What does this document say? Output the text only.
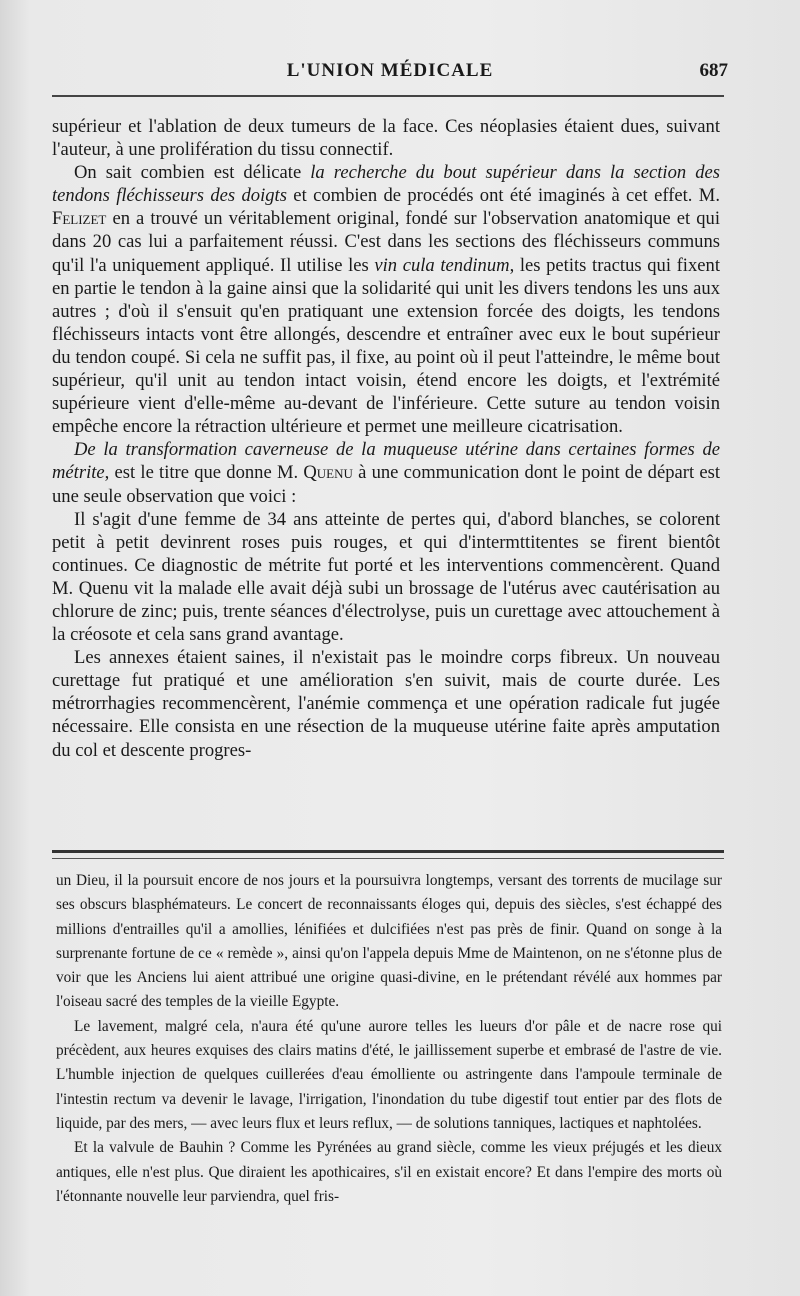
L'UNION MÉDICALE	687

supérieur et l'ablation de deux tumeurs de la face. Ces néoplasies étaient dues, suivant l'auteur, à une prolifération du tissu connectif.

On sait combien est délicate la recherche du bout supérieur dans la section des tendons fléchisseurs des doigts et combien de procédés ont été imaginés à cet effet. M. Felizet en a trouvé un véritablement original, fondé sur l'observation anatomique et qui dans 20 cas lui a parfaitement réussi. C'est dans les sections des fléchisseurs communs qu'il l'a uniquement appliqué. Il utilise les vin cula tendinum, les petits tractus qui fixent en partie le tendon à la gaine ainsi que la solidarité qui unit les divers tendons les uns aux autres ; d'où il s'ensuit qu'en pratiquant une extension forcée des doigts, les tendons fléchisseurs intacts vont être allongés, descendre et entraîner avec eux le bout supérieur du tendon coupé. Si cela ne suffit pas, il fixe, au point où il peut l'atteindre, le même bout supérieur, qu'il unit au tendon intact voisin, étend encore les doigts, et l'extrémité supérieure vient d'elle-même au-devant de l'inférieure. Cette suture au tendon voisin empêche encore la rétraction ultérieure et permet une meilleure cicatrisation.

De la transformation caverneuse de la muqueuse utérine dans certaines formes de métrite, est le titre que donne M. Quenu à une communication dont le point de départ est une seule observation que voici :

Il s'agit d'une femme de 34 ans atteinte de pertes qui, d'abord blanches, se colorent petit à petit devinrent roses puis rouges, et qui d'intermttitentes se firent bientôt continues. Ce diagnostic de métrite fut porté et les interventions commencèrent. Quand M. Quenu vit la malade elle avait déjà subi un brossage de l'utérus avec cautérisation au chlorure de zinc; puis, trente séances d'électrolyse, puis un curettage avec attouchement à la créosote et cela sans grand avantage.

Les annexes étaient saines, il n'existait pas le moindre corps fibreux. Un nouveau curettage fut pratiqué et une amélioration s'en suivit, mais de courte durée. Les métrorrhagies recommencèrent, l'anémie commença et une opération radicale fut jugée nécessaire. Elle consista en une résection de la muqueuse utérine faite après amputation du col et descente progres-

un Dieu, il la poursuit encore de nos jours et la poursuivra longtemps, versant des torrents de mucilage sur ses obscurs blasphémateurs. Le concert de reconnaissants éloges qui, depuis des siècles, s'est échappé des millions d'entrailles qu'il a amollies, lénifiées et dulcifiées n'est pas près de finir. Quand on songe à la surprenante fortune de ce « remède », ainsi qu'on l'appela depuis Mme de Maintenon, on ne s'étonne plus de voir que les Anciens lui aient attribué une origine quasi-divine, en le prétendant révélé aux hommes par l'oiseau sacré des temples de la vieille Egypte.

Le lavement, malgré cela, n'aura été qu'une aurore telles les lueurs d'or pâle et de nacre rose qui précèdent, aux heures exquises des clairs matins d'été, le jaillissement superbe et embrasé de l'astre de vie. L'humble injection de quelques cuillerées d'eau émolliente ou astringente dans l'ampoule terminale de l'intestin rectum va devenir le lavage, l'irrigation, l'inondation du tube digestif tout entier par des flots de liquide, par des mers, — avec leurs flux et leurs reflux, — de solutions tanniques, lactiques et naphtolées.

Et la valvule de Bauhin ? Comme les Pyrénées au grand siècle, comme les vieux préjugés et les dieux antiques, elle n'est plus. Que diraient les apothicaires, s'il en existait encore? Et dans l'empire des morts où l'étonnante nouvelle leur parviendra, quel fris-
